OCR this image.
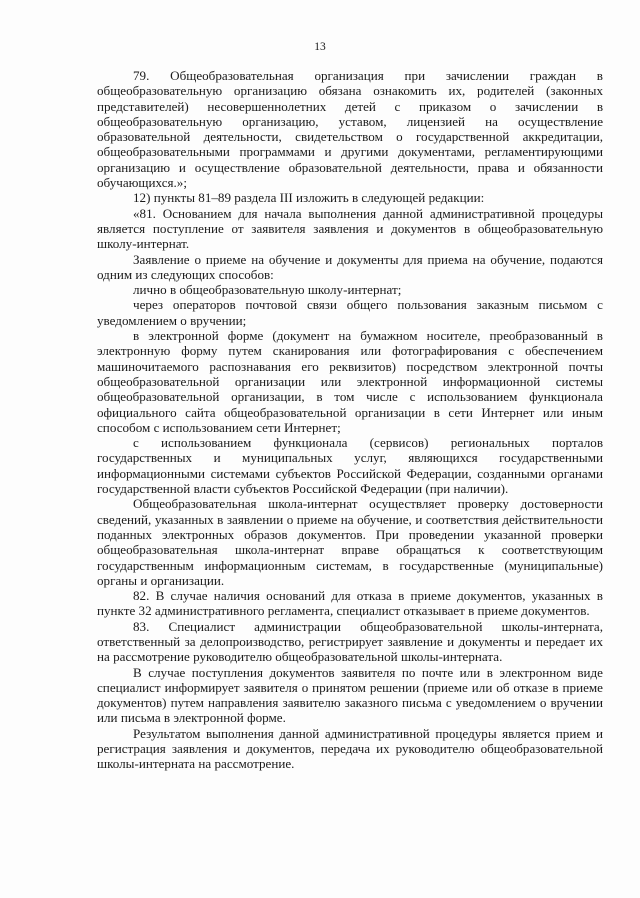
13

79. Общеобразовательная организация при зачислении граждан в общеобразовательную организацию обязана ознакомить их, родителей (законных представителей) несовершеннолетних детей с приказом о зачислении в общеобразовательную организацию, уставом, лицензией на осуществление образовательной деятельности, свидетельством о государственной аккредитации, общеобразовательными программами и другими документами, регламентирующими организацию и осуществление образовательной деятельности, права и обязанности обучающихся.»;

12) пункты 81–89 раздела III изложить в следующей редакции:

«81. Основанием для начала выполнения данной административной процедуры является поступление от заявителя заявления и документов в общеобразовательную школу-интернат.

Заявление о приеме на обучение и документы для приема на обучение, подаются одним из следующих способов:

лично в общеобразовательную школу-интернат;

через операторов почтовой связи общего пользования заказным письмом с уведомлением о вручении;

в электронной форме (документ на бумажном носителе, преобразованный в электронную форму путем сканирования или фотографирования с обеспечением машиночитаемого распознавания его реквизитов) посредством электронной почты общеобразовательной организации или электронной информационной системы общеобразовательной организации, в том числе с использованием функционала официального сайта общеобразовательной организации в сети Интернет или иным способом с использованием сети Интернет;

с использованием функционала (сервисов) региональных порталов государственных и муниципальных услуг, являющихся государственными информационными системами субъектов Российской Федерации, созданными органами государственной власти субъектов Российской Федерации (при наличии).

Общеобразовательная школа-интернат осуществляет проверку достоверности сведений, указанных в заявлении о приеме на обучение, и соответствия действительности поданных электронных образов документов. При проведении указанной проверки общеобразовательная школа-интернат вправе обращаться к соответствующим государственным информационным системам, в государственные (муниципальные) органы и организации.

82. В случае наличия оснований для отказа в приеме документов, указанных в пункте 32 административного регламента, специалист отказывает в приеме документов.

83. Специалист администрации общеобразовательной школы-интерната, ответственный за делопроизводство, регистрирует заявление и документы и передает их на рассмотрение руководителю общеобразовательной школы-интерната.

В случае поступления документов заявителя по почте или в электронном виде специалист информирует заявителя о принятом решении (приеме или об отказе в приеме документов) путем направления заявителю заказного письма с уведомлением о вручении или письма в электронной форме.

Результатом выполнения данной административной процедуры является прием и регистрация заявления и документов, передача их руководителю общеобразовательной школы-интерната на рассмотрение.
